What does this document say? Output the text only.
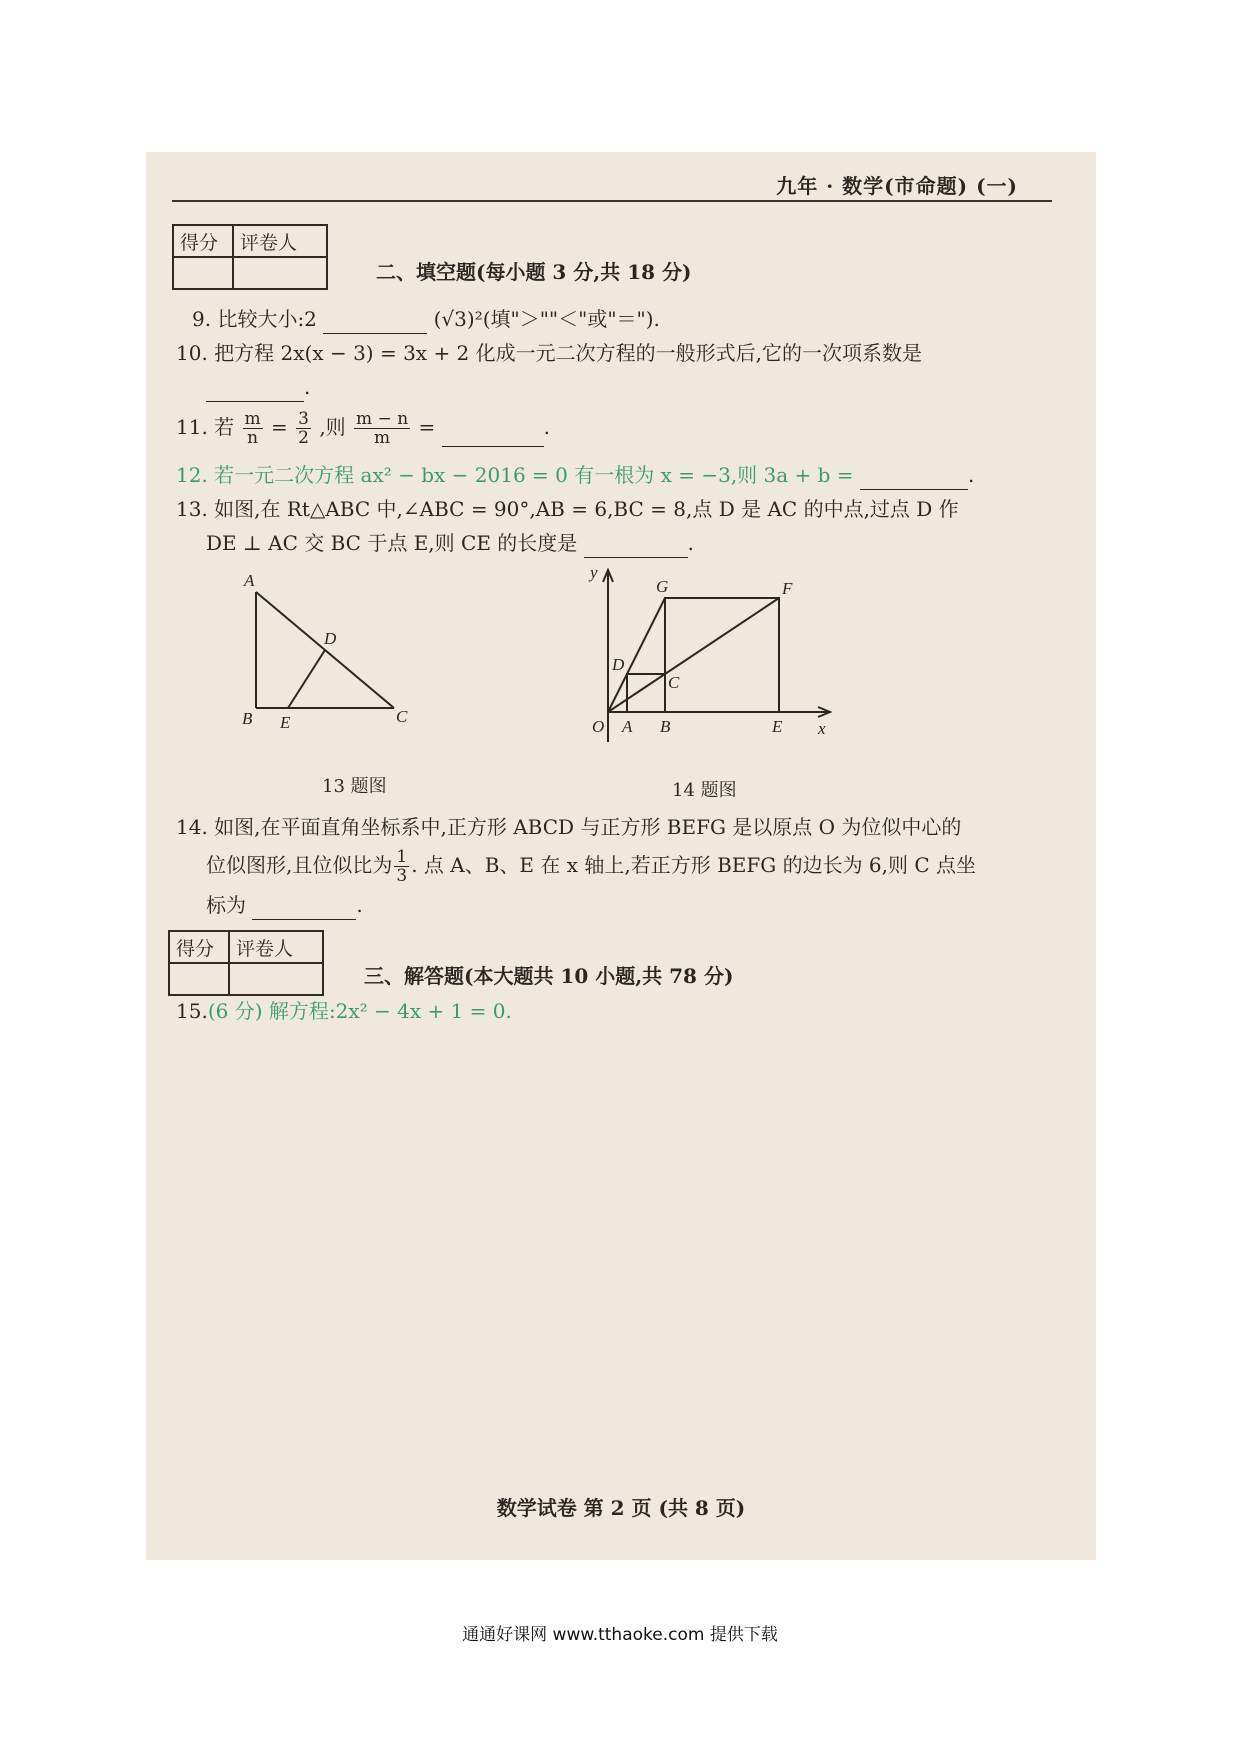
九年 · 数学(市命题) (一)
得分	评卷人

二、填空题(每小题 3 分,共 18 分)
9. 比较大小:2	(√3)²(填"＞""＜"或"＝").
10. 把方程 2x(x − 3) = 3x + 2 化成一元二次方程的一般形式后,它的一次项系数是
.
11. 若 $\frac{m}{n} = \frac{3}{2}$ ,则 $\frac{m - n}{m}$ =	.
12. 若一元二次方程 ax² − bx − 2016 = 0 有一根为 x = −3,则 3a + b =	.
13. 如图,在 Rt△ABC 中,∠ABC = 90°,AB = 6,BC = 8,点 D 是 AC 的中点,过点 D 作
DE ⊥ AC 交 BC 于点 E,则 CE 的长度是	.
A
B	C
D
E
13 题图
y
x
O A B
C
D
E
F
G
14 题图
14. 如图,在平面直角坐标系中,正方形 ABCD 与正方形 BEFG 是以原点 O 为位似中心的
位似图形,且位似比为 $\frac{1}{3}$ . 点 A、B、E 在 x 轴上,若正方形 BEFG 的边长为 6,则 C 点坐
标为	.
得分	评卷人

三、解答题(本大题共 10 小题,共 78 分)
15.(6 分) 解方程:2x² − 4x + 1 = 0.
数学试卷 第 2 页 (共 8 页)
通通好课网 www.tthaoke.com 提供下载
